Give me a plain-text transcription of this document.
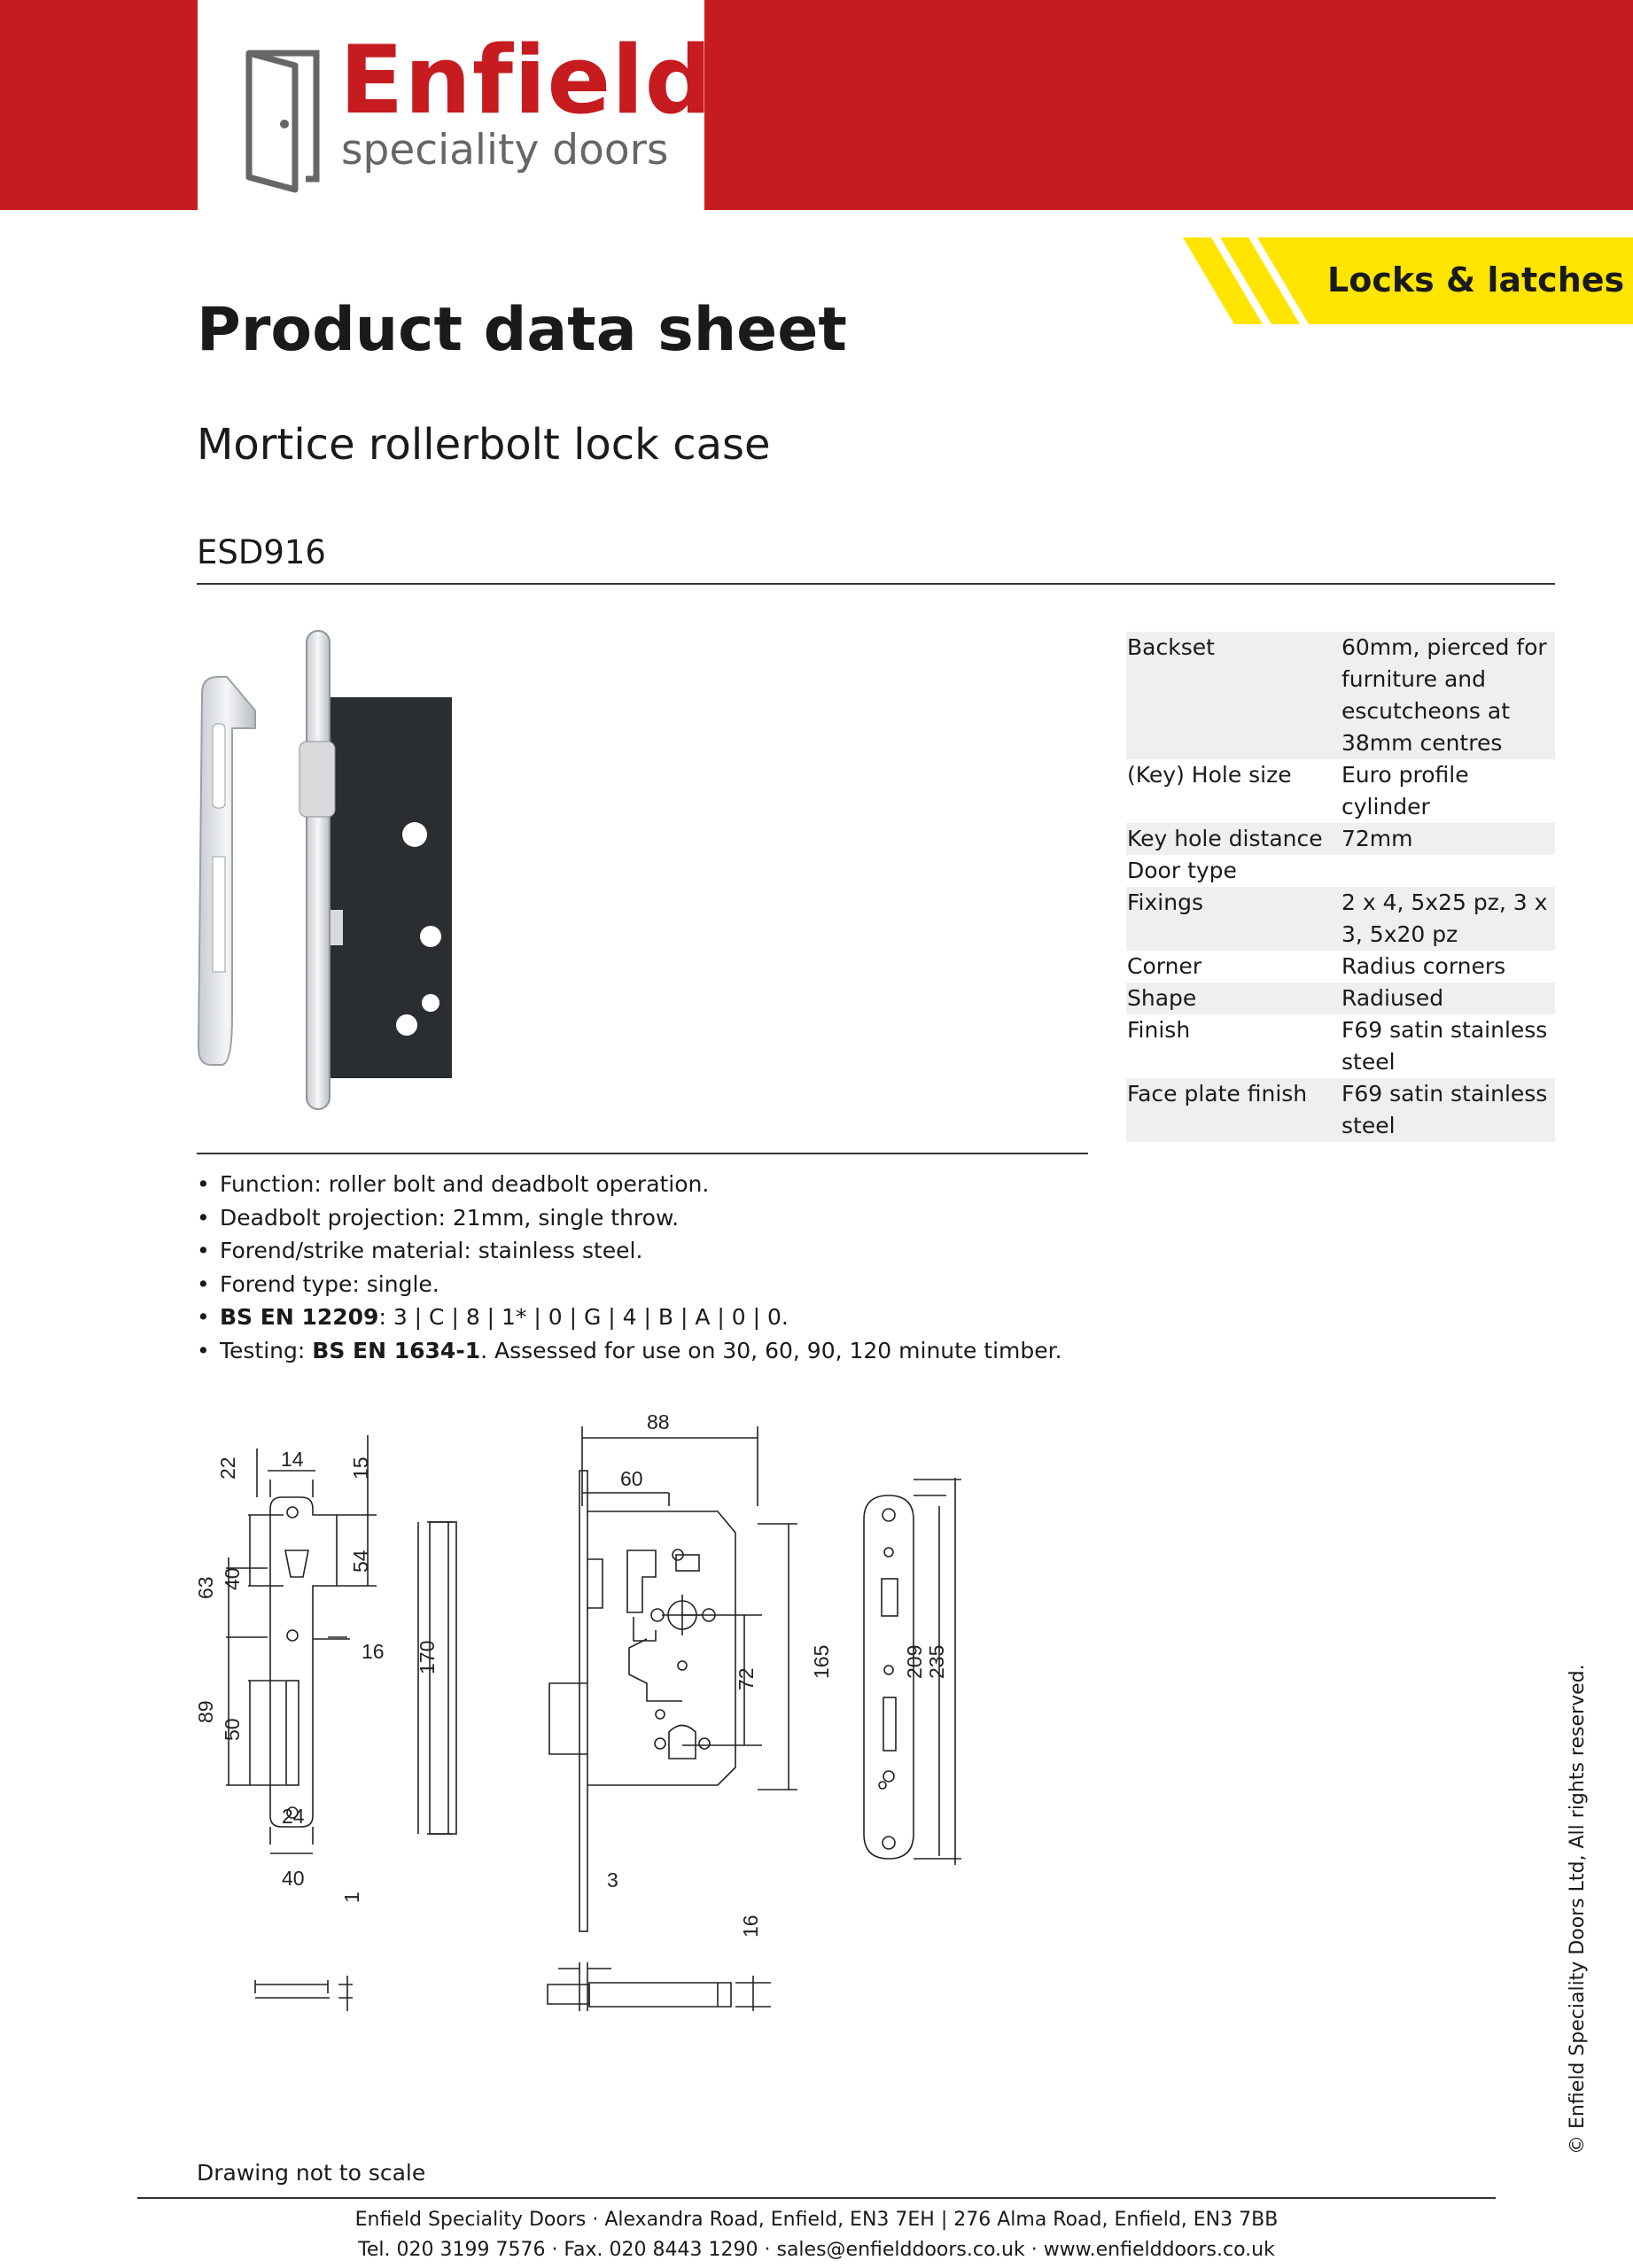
Enfield
speciality doors
Locks & latches
Product data sheet
Mortice rollerbolt lock case
ESD916
Backset	60mm, pierced for furniture and escutcheons at 38mm centres
(Key) Hole size	Euro profile cylinder
Key hole distance	72mm
Door type	
Fixings	2 x 4, 5x25 pz, 3 x 3, 5x20 pz
Corner	Radius corners
Shape	Radiused
Finish	F69 satin stainless steel
Face plate finish	F69 satin stainless steel
• Function: roller bolt and deadbolt operation.
• Deadbolt projection: 21mm, single throw.
• Forend/strike material: stainless steel.
• Forend type: single.
• BS EN 12209: 3 | C | 8 | 1* | 0 | G | 4 | B | A | 0 | 0.
• Testing: BS EN 1634-1. Assessed for use on 30, 60, 90, 120 minute timber.
14
22	15
63 40
54
16
89
50
24
170
40
1
88
60
165
72
3
16
209 235
Drawing not to scale
Enfield Speciality Doors · Alexandra Road, Enfield, EN3 7EH | 276 Alma Road, Enfield, EN3 7BB
Tel. 020 3199 7576 · Fax. 020 8443 1290 · sales@enfielddoors.co.uk · www.enfielddoors.co.uk
© Enfield Speciality Doors Ltd, All rights reserved.
